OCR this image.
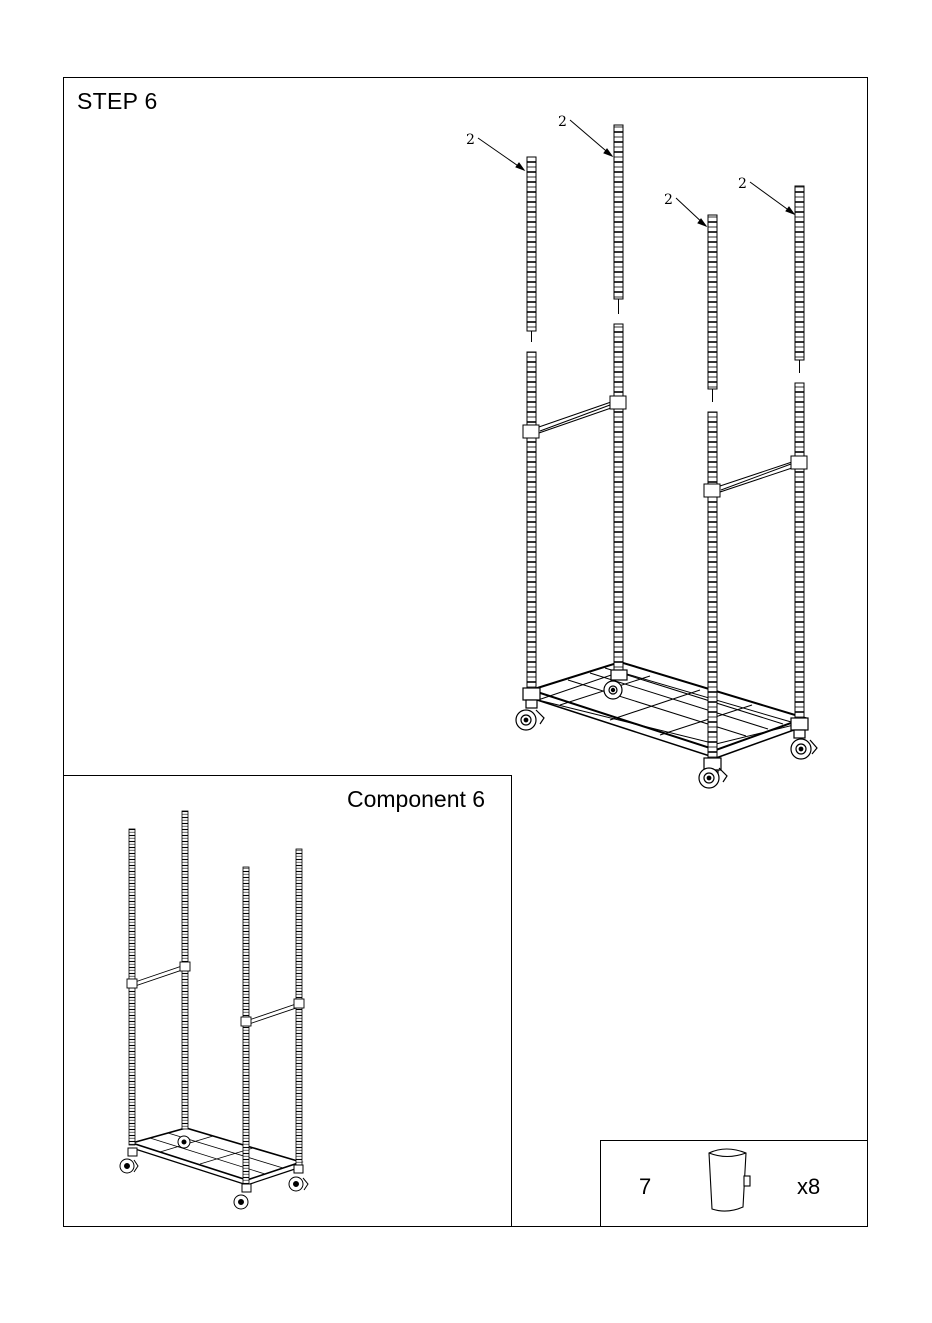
STEP 6
Component 6
7	x8
2
2
2
2
